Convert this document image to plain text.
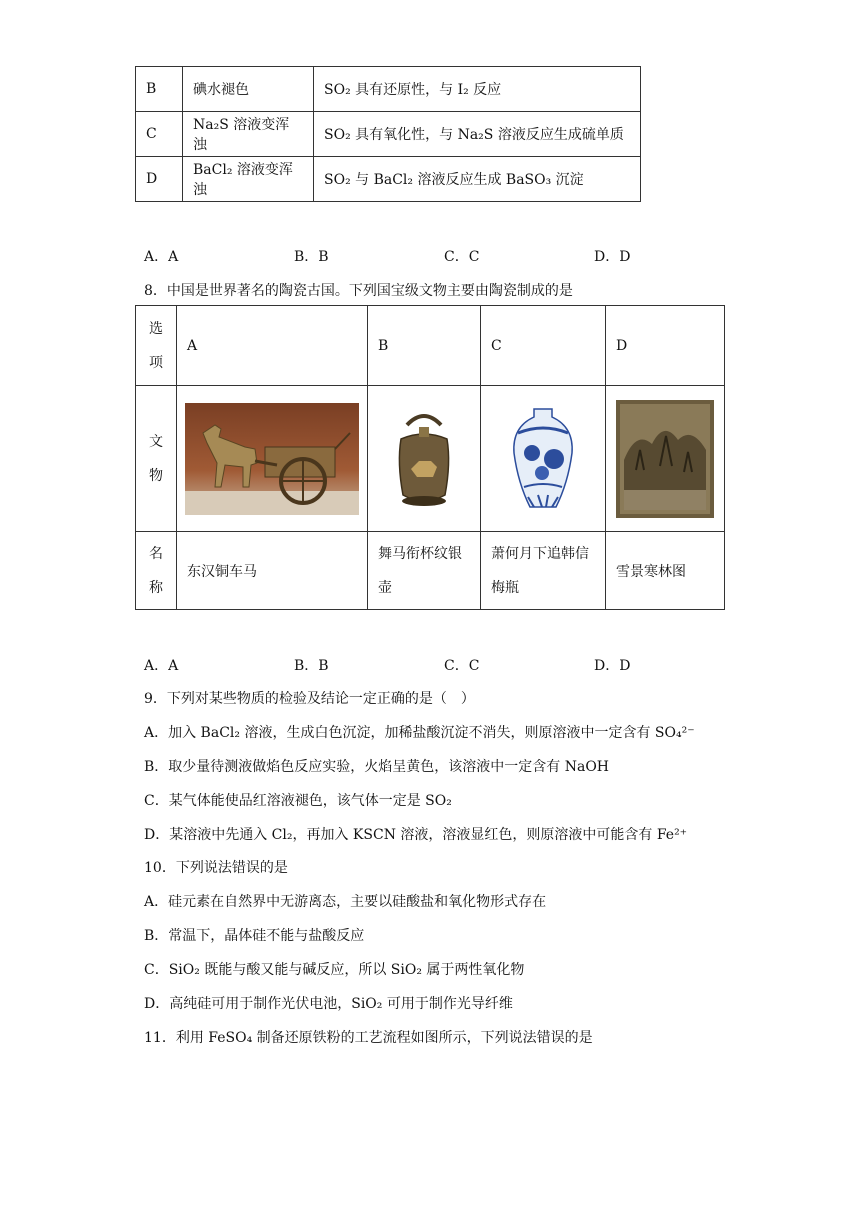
B	碘水褪色	SO₂ 具有还原性，与 I₂ 反应
C	Na₂S 溶液变浑浊	SO₂ 具有氧化性，与 Na₂S 溶液反应生成硫单质
D	BaCl₂ 溶液变浑浊	SO₂ 与 BaCl₂ 溶液反应生成 BaSO₃ 沉淀
A．A	B．B	C．C	D．D
8．中国是世界著名的陶瓷古国。下列国宝级文物主要由陶瓷制成的是
选
项	A	B	C	D
文
物	

名
称	东汉铜车马	舞马衔杯纹银壶	萧何月下追韩信梅瓶	雪景寒林图
A．A	B．B	C．C	D．D
9．下列对某些物质的检验及结论一定正确的是（　）
A．加入 BaCl₂ 溶液，生成白色沉淀，加稀盐酸沉淀不消失，则原溶液中一定含有 SO₄²⁻
B．取少量待测液做焰色反应实验，火焰呈黄色，该溶液中一定含有 NaOH
C．某气体能使品红溶液褪色，该气体一定是 SO₂
D．某溶液中先通入 Cl₂，再加入 KSCN 溶液，溶液显红色，则原溶液中可能含有 Fe²⁺
10．下列说法错误的是
A．硅元素在自然界中无游离态，主要以硅酸盐和氧化物形式存在
B．常温下，晶体硅不能与盐酸反应
C．SiO₂ 既能与酸又能与碱反应，所以 SiO₂ 属于两性氧化物
D．高纯硅可用于制作光伏电池，SiO₂ 可用于制作光导纤维
11．利用 FeSO₄ 制备还原铁粉的工艺流程如图所示，下列说法错误的是
